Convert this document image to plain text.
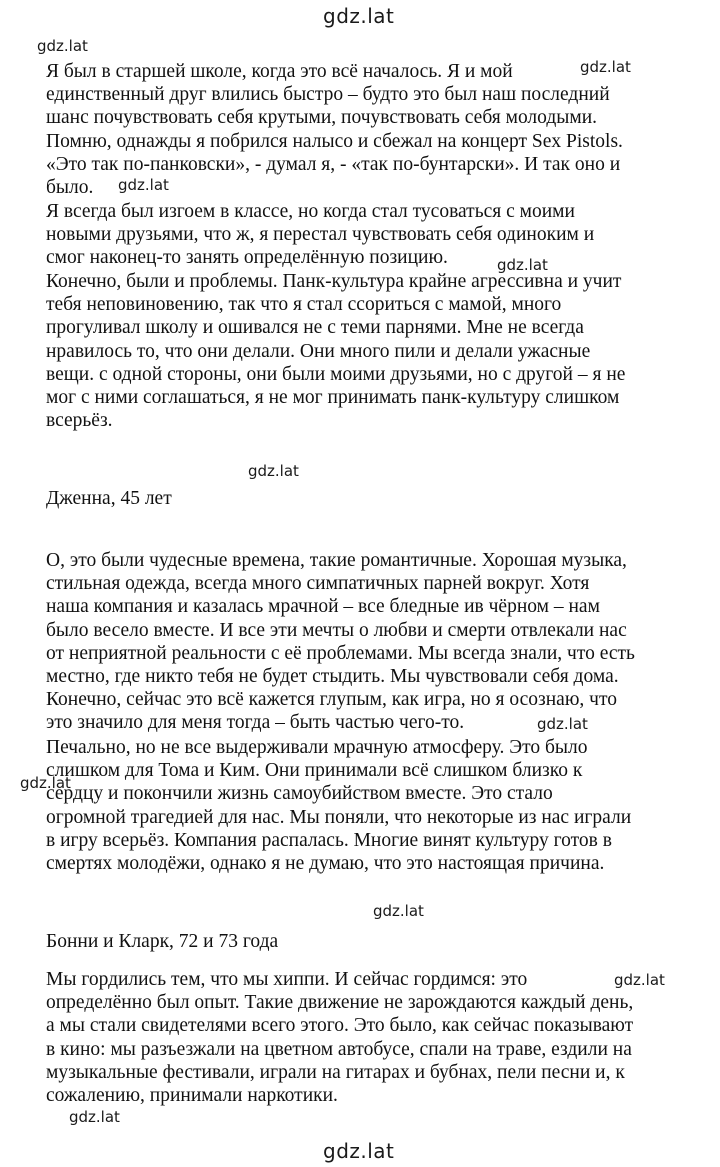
gdz.lat
gdz.lat
gdz.lat
gdz.lat
gdz.lat
gdz.lat
gdz.lat
gdz.lat
gdz.lat
gdz.lat
gdz.lat
gdz.lat
Я был в старшей школе, когда это всё началось. Я и мой
единственный друг влились быстро – будто это был наш последний
шанс почувствовать себя крутыми, почувствовать себя молодыми.
Помню, однажды я побрился налысо и сбежал на концерт Sex Pistols.
«Это так по-панковски», - думал я, - «так по-бунтарски». И так оно и
было.
Я всегда был изгоем в классе, но когда стал тусоваться с моими
новыми друзьями, что ж, я перестал чувствовать себя одиноким и
смог наконец-то занять определённую позицию.
Конечно, были и проблемы. Панк-культура крайне агрессивна и учит
тебя неповиновению, так что я стал ссориться с мамой, много
прогуливал школу и ошивался не с теми парнями. Мне не всегда
нравилось то, что они делали. Они много пили и делали ужасные
вещи. с одной стороны, они были моими друзьями, но с другой – я не
мог с ними соглашаться, я не мог принимать панк-культуру слишком
всерьёз.
Дженна, 45 лет
О, это были чудесные времена, такие романтичные. Хорошая музыка,
стильная одежда, всегда много симпатичных парней вокруг. Хотя
наша компания и казалась мрачной – все бледные ив чёрном – нам
было весело вместе. И все эти мечты о любви и смерти отвлекали нас
от неприятной реальности с её проблемами. Мы всегда знали, что есть
местно, где никто тебя не будет стыдить. Мы чувствовали себя дома.
Конечно, сейчас это всё кажется глупым, как игра, но я осознаю, что
это значило для меня тогда – быть частью чего-то.
Печально, но не все выдерживали мрачную атмосферу. Это было
слишком для Тома и Ким. Они принимали всё слишком близко к
сердцу и покончили жизнь самоубийством вместе. Это стало
огромной трагедией для нас. Мы поняли, что некоторые из нас играли
в игру всерьёз. Компания распалась. Многие винят культуру готов в
смертях молодёжи, однако я не думаю, что это настоящая причина.
Бонни и Кларк, 72 и 73 года
Мы гордились тем, что мы хиппи. И сейчас гордимся: это
определённо был опыт. Такие движение не зарождаются каждый день,
а мы стали свидетелями всего этого. Это было, как сейчас показывают
в кино: мы разъезжали на цветном автобусе, спали на траве, ездили на
музыкальные фестивали, играли на гитарах и бубнах, пели песни и, к
сожалению, принимали наркотики.
